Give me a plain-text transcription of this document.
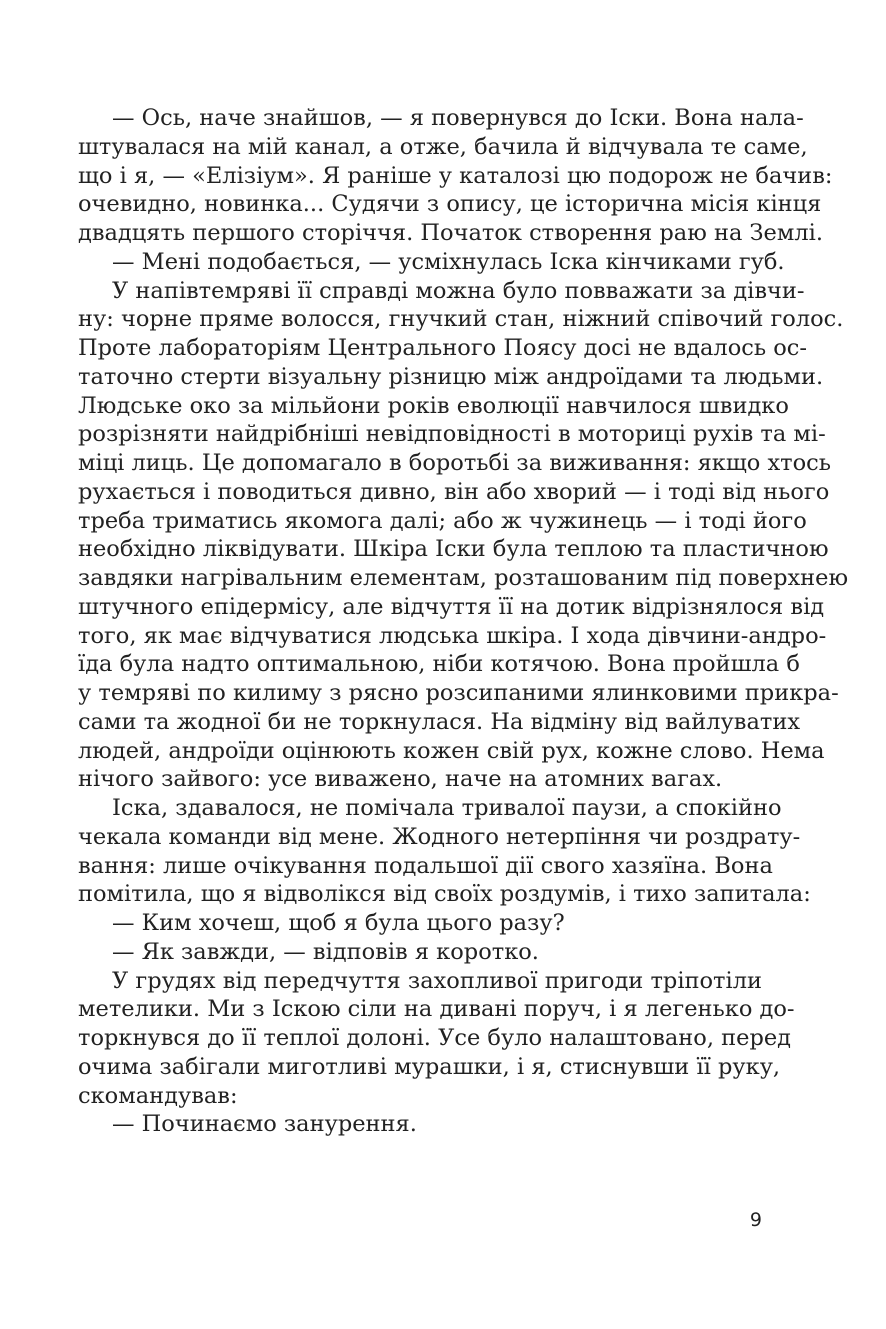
— Ось, наче знайшов, — я повернувся до Іски. Вона нала-
штувалася на мій канал, а отже, бачила й відчувала те саме,
що і я, — «Елізіум». Я раніше у каталозі цю подорож не бачив:
очевидно, новинка... Судячи з опису, це історична місія кінця
двадцять першого сторіччя. Початок створення раю на Землі.
— Мені подобається, — усміхнулась Іска кінчиками губ.
У напівтемряві її справді можна було повважати за дівчи-
ну: чорне пряме волосся, гнучкий стан, ніжний співочий голос.
Проте лабораторіям Центрального Поясу досі не вдалось ос-
таточно стерти візуальну різницю між андроїдами та людьми.
Людське око за мільйони років еволюції навчилося швидко
розрізняти найдрібніші невідповідності в моториці рухів та мі-
міці лиць. Це допомагало в боротьбі за виживання: якщо хтось
рухається і поводиться дивно, він або хворий — і тоді від нього
треба триматись якомога далі; або ж чужинець — і тоді його
необхідно ліквідувати. Шкіра Іски була теплою та пластичною
завдяки нагрівальним елементам, розташованим під поверхнею
штучного епідермісу, але відчуття її на дотик відрізнялося від
того, як має відчуватися людська шкіра. І хода дівчини-андро-
їда була надто оптимальною, ніби котячою. Вона пройшла б
у темряві по килиму з рясно розсипаними ялинковими прикра-
сами та жодної би не торкнулася. На відміну від вайлуватих
людей, андроїди оцінюють кожен свій рух, кожне слово. Нема
нічого зайвого: усе виважено, наче на атомних вагах.
Іска, здавалося, не помічала тривалої паузи, а спокійно
чекала команди від мене. Жодного нетерпіння чи роздрату-
вання: лише очікування подальшої дії свого хазяїна. Вона
помітила, що я відволікся від своїх роздумів, і тихо запитала:
— Ким хочеш, щоб я була цього разу?
— Як завжди, — відповів я коротко.
У грудях від передчуття захопливої пригоди тріпотіли
метелики. Ми з Іскою сіли на дивані поруч, і я легенько до-
торкнувся до її теплої долоні. Усе було налаштовано, перед
очима забігали миготливі мурашки, і я, стиснувши її руку,
скомандував:
— Починаємо занурення.
9
